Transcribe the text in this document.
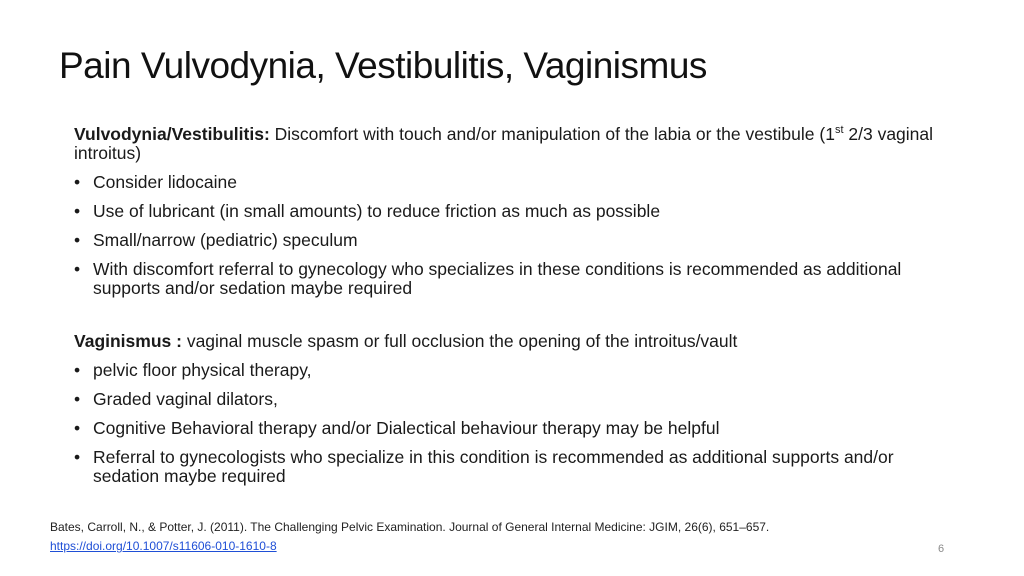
Pain Vulvodynia, Vestibulitis, Vaginismus

Vulvodynia/Vestibulitis: Discomfort with touch and/or manipulation of the labia or the vestibule (1st 2/3 vaginal introitus)

• Consider lidocaine
• Use of lubricant (in small amounts) to reduce friction as much as possible
• Small/narrow (pediatric) speculum
• With discomfort referral to gynecology who specializes in these conditions is recommended as additional supports and/or sedation maybe required

Vaginismus : vaginal muscle spasm or full occlusion the opening of the introitus/vault

• pelvic floor physical therapy,
• Graded vaginal dilators,
• Cognitive Behavioral therapy and/or Dialectical behaviour therapy may be helpful
• Referral to gynecologists who specialize in this condition is recommended as additional supports and/or sedation maybe required
Bates, Carroll, N., & Potter, J. (2011). The Challenging Pelvic Examination. Journal of General Internal Medicine: JGIM, 26(6), 651–657.
https://doi.org/10.1007/s11606-010-1610-8	6
